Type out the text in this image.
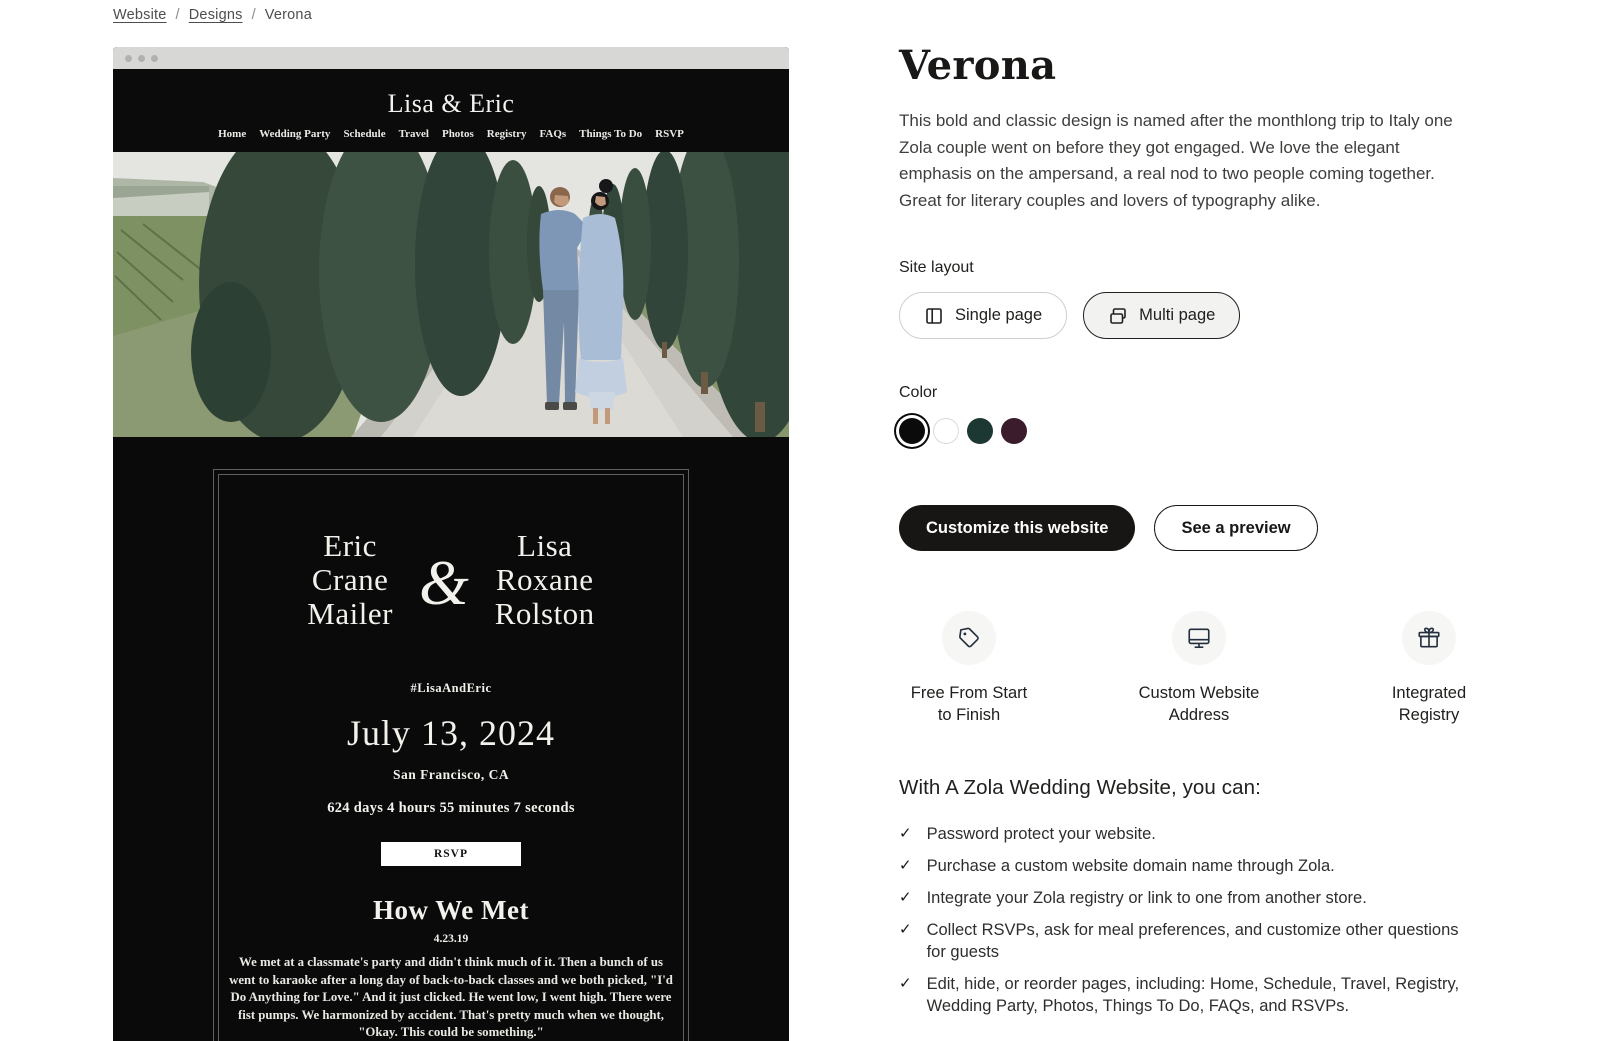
Website / Designs / Verona
Lisa & Eric
Home Wedding Party Schedule Travel Photos Registry FAQs Things To Do RSVP
Eric
Crane
Mailer &
Lisa
Roxane
Rolston
#LisaAndEric
July 13, 2024
San Francisco, CA
624 days 4 hours 55 minutes 7 seconds
RSVP
How We Met
4.23.19
We met at a classmate's party and didn't think much of it. Then a bunch of us went to karaoke after a long day of back-to-back classes and we both picked, "I'd Do Anything for Love." And it just clicked. He went low, I went high. There were fist pumps. We harmonized by accident. That's pretty much when we thought, "Okay. This could be something."
Verona

This bold and classic design is named after the monthlong trip to Italy one Zola couple went on before they got engaged. We love the elegant emphasis on the ampersand, a real nod to two people coming together. Great for literary couples and lovers of typography alike.

Site layout
Single page	Multi page
Color
Customize this website	See a preview
Free From Start
to Finish
Custom Website
Address
Integrated
Registry
With A Zola Wedding Website, you can:
✓ Password protect your website.
✓ Purchase a custom website domain name through Zola.
✓ Integrate your Zola registry or link to one from another store.
✓ Collect RSVPs, ask for meal preferences, and customize other questions for guests
✓ Edit, hide, or reorder pages, including: Home, Schedule, Travel, Registry, Wedding Party, Photos, Things To Do, FAQs, and RSVPs.
